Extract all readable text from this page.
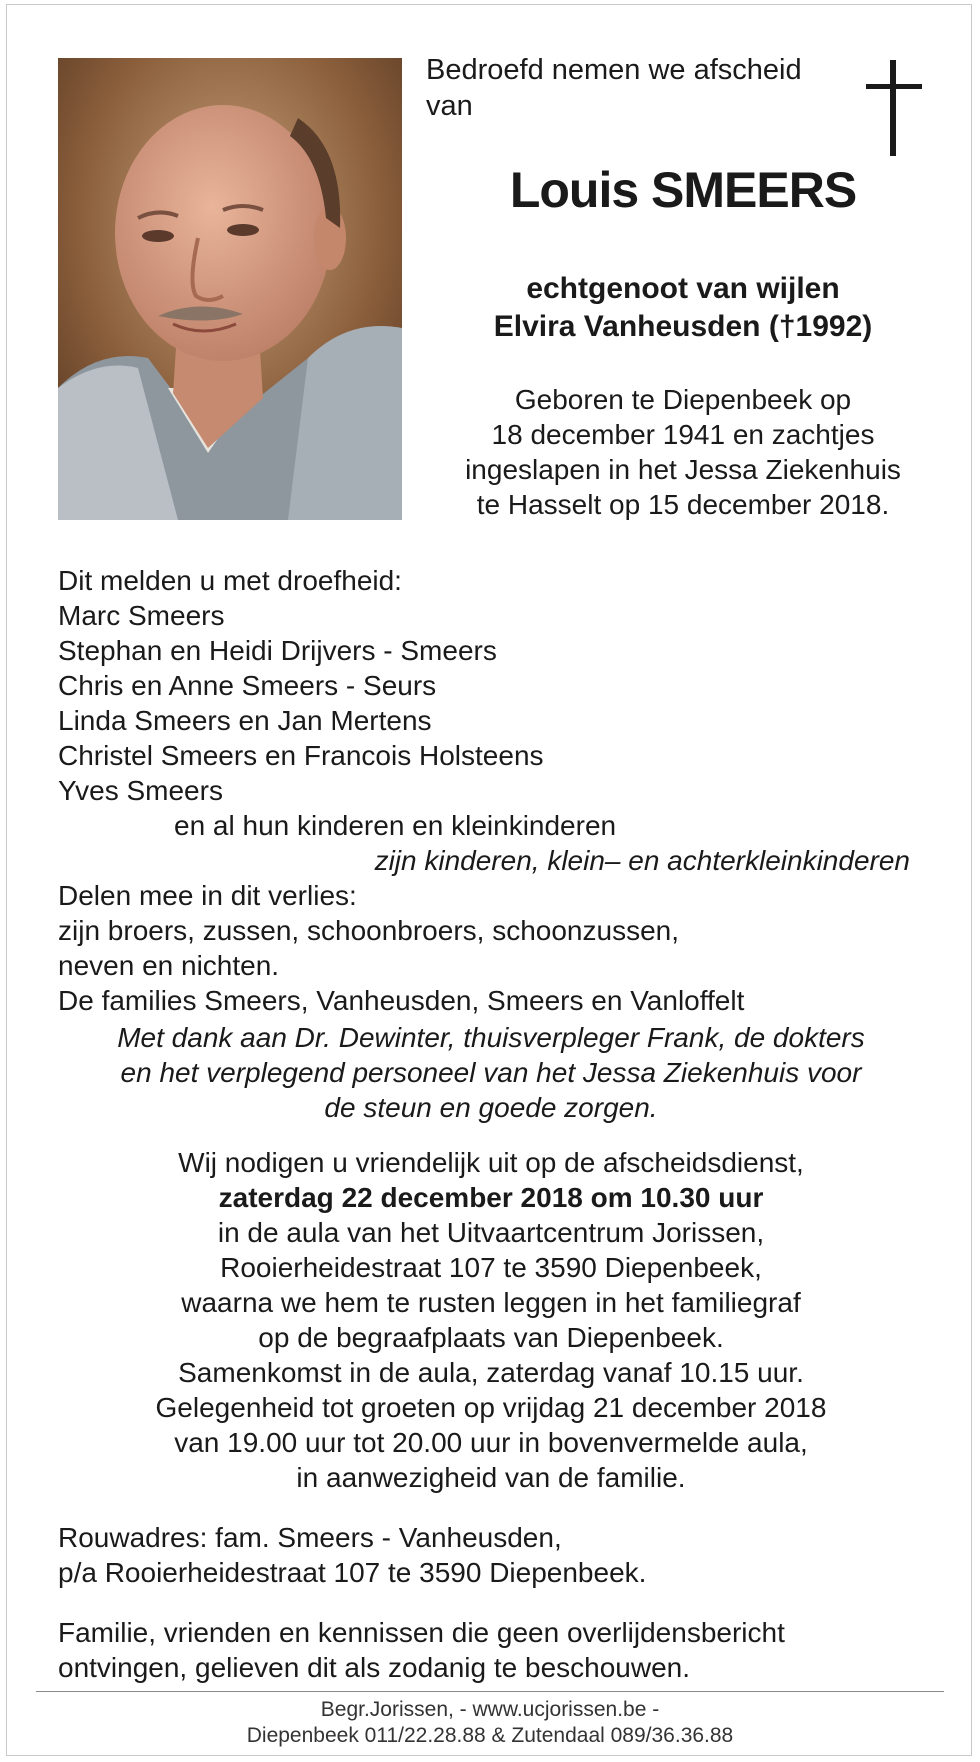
Bedroefd nemen we afscheid
van
Louis SMEERS
echtgenoot van wijlen
Elvira Vanheusden (†1992)
Geboren te Diepenbeek op
18 december 1941 en zachtjes
ingeslapen in het Jessa Ziekenhuis
te Hasselt op 15 december 2018.
Dit melden u met droefheid:
Marc Smeers
Stephan en Heidi Drijvers - Smeers
Chris en Anne Smeers - Seurs
Linda Smeers en Jan Mertens
Christel Smeers en Francois Holsteens
Yves Smeers
en al hun kinderen en kleinkinderen
zijn kinderen, klein– en achterkleinkinderen
Delen mee in dit verlies:
zijn broers, zussen, schoonbroers, schoonzussen,
neven en nichten.
De families Smeers, Vanheusden, Smeers en Vanloffelt
Met dank aan Dr. Dewinter, thuisverpleger Frank, de dokters
en het verplegend personeel van het Jessa Ziekenhuis voor
de steun en goede zorgen.
Wij nodigen u vriendelijk uit op de afscheidsdienst,
zaterdag 22 december 2018 om 10.30 uur
in de aula van het Uitvaartcentrum Jorissen,
Rooierheidestraat 107 te 3590 Diepenbeek,
waarna we hem te rusten leggen in het familiegraf
op de begraafplaats van Diepenbeek.
Samenkomst in de aula, zaterdag vanaf 10.15 uur.
Gelegenheid tot groeten op vrijdag 21 december 2018
van 19.00 uur tot 20.00 uur in bovenvermelde aula,
in aanwezigheid van de familie.
Rouwadres: fam. Smeers - Vanheusden,
p/a Rooierheidestraat 107 te 3590 Diepenbeek.
Familie, vrienden en kennissen die geen overlijdensbericht
ontvingen, gelieven dit als zodanig te beschouwen.
Begr.Jorissen, - www.ucjorissen.be -
Diepenbeek 011/22.28.88 & Zutendaal 089/36.36.88
